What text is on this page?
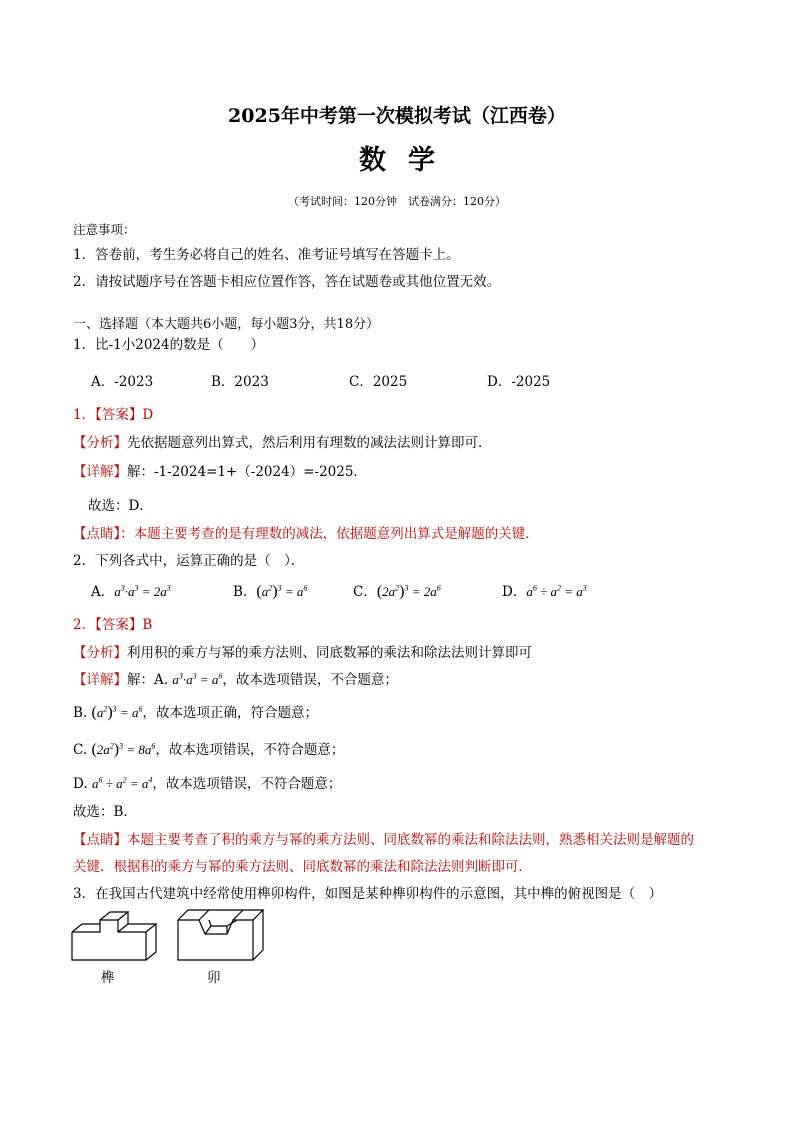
2025年中考第一次模拟考试（江西卷）
数学
（考试时间：120分钟　试卷满分：120分）
注意事项：
1．答卷前，考生务必将自己的姓名、准考证号填写在答题卡上。
2．请按试题序号在答题卡相应位置作答，答在试题卷或其他位置无效。
一、选择题（本大题共6小题，每小题3分，共18分）
1．比-1小2024的数是（　　）
A．-2023	B．2023	C．2025	D．-2025
1．【答案】D
【分析】先依据题意列出算式，然后利用有理数的减法法则计算即可．
【详解】解：-1-2024=1+（-2024）=-2025．
故选：D．
【点睛】：本题主要考查的是有理数的减法，依据题意列出算式是解题的关键．
2．下列各式中，运算正确的是（　）．
A．$a^3\cdot a^3 = 2a^3$	B．$(a^2)^3 = a^6$	C．$(2a^2)^3 = 2a^6$	D．$a^6 \div a^2 = a^3$
2．【答案】B
【分析】利用积的乘方与幂的乘方法则、同底数幂的乘法和除法法则计算即可
【详解】解：A. $a^3\cdot a^3 = a^6$，故本选项错误，不合题意；
B. $(a^2)^3 = a^6$，故本选项正确，符合题意；
C. $(2a^2)^3 = 8a^6$，故本选项错误，不符合题意；
D. $a^6 \div a^2 = a^4$，故本选项错误，不符合题意；
故选：B．
【点睛】本题主要考查了积的乘方与幂的乘方法则、同底数幂的乘法和除法法则，熟悉相关法则是解题的
关键．根据积的乘方与幂的乘方法则、同底数幂的乘法和除法法则判断即可．
3．在我国古代建筑中经常使用榫卯构件，如图是某种榫卯构件的示意图，其中榫的俯视图是（　）
榫	卯
